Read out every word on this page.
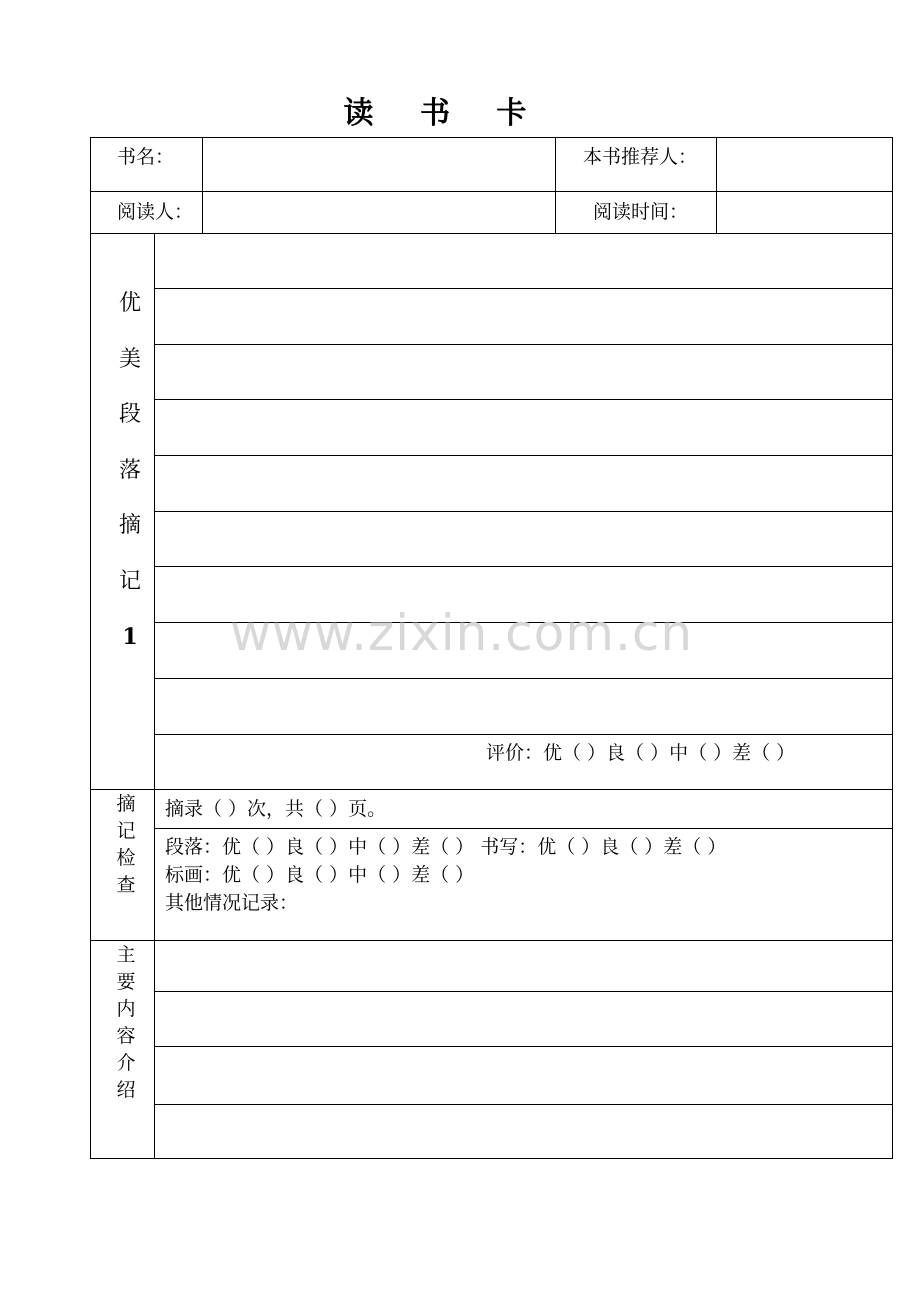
读 书 卡
书名：	本书推荐人：
阅读人：	阅读时间：
优
美
段
落
摘
记
1
评价：优（ ）良（ ）中（ ）差（ ）
摘
记
检
查
摘录（ ）次，共（ ）页。
段落：优（ ）良（ ）中（ ）差（ ） 书写：优（ ）良（ ）差（ ）
标画：优（ ）良（ ）中（ ）差（ ）
其他情况记录：
主
要
内
容
介
绍
www.zixin.com.cn
